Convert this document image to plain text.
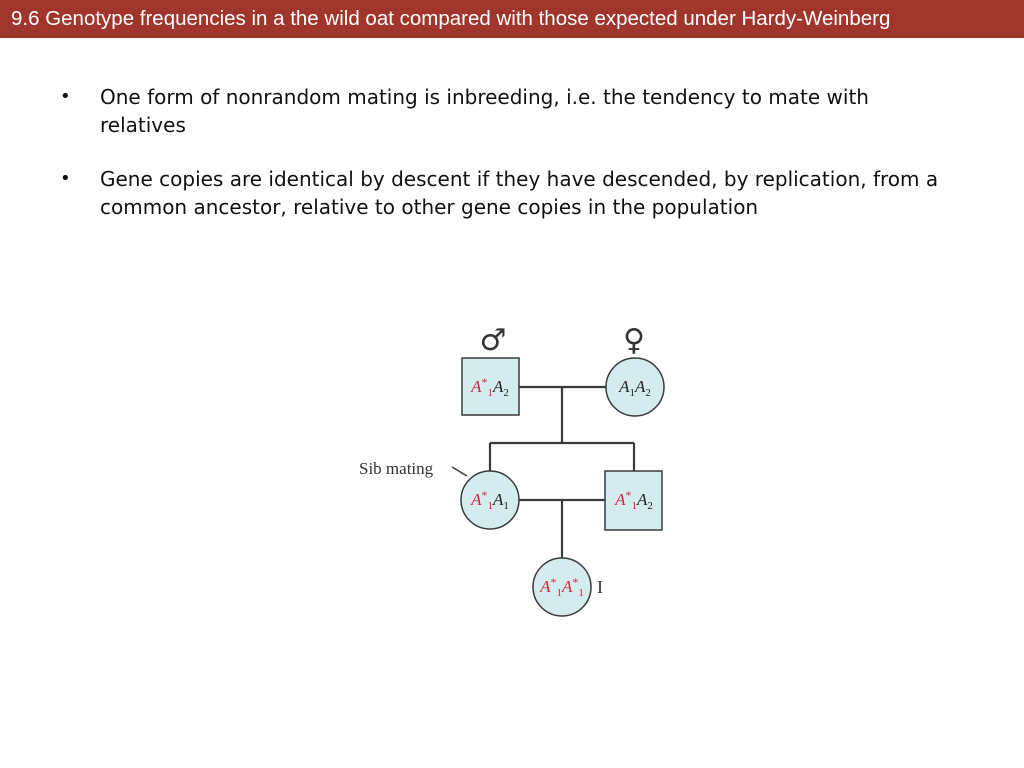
9.6 Genotype frequencies in a the wild oat compared with those expected under Hardy-Weinberg
•	One form of nonrandom mating is inbreeding, i.e. the tendency to mate with relatives
•	Gene copies are identical by descent if they have descended, by replication, from a common ancestor, relative to other gene copies in the population
♂	♀
Sib mating
I
$A^*_1A_2$	$A_1A_2$
$A^*_1A_1$	$A^*_1A_2$
$A^*_1A^*_1$
